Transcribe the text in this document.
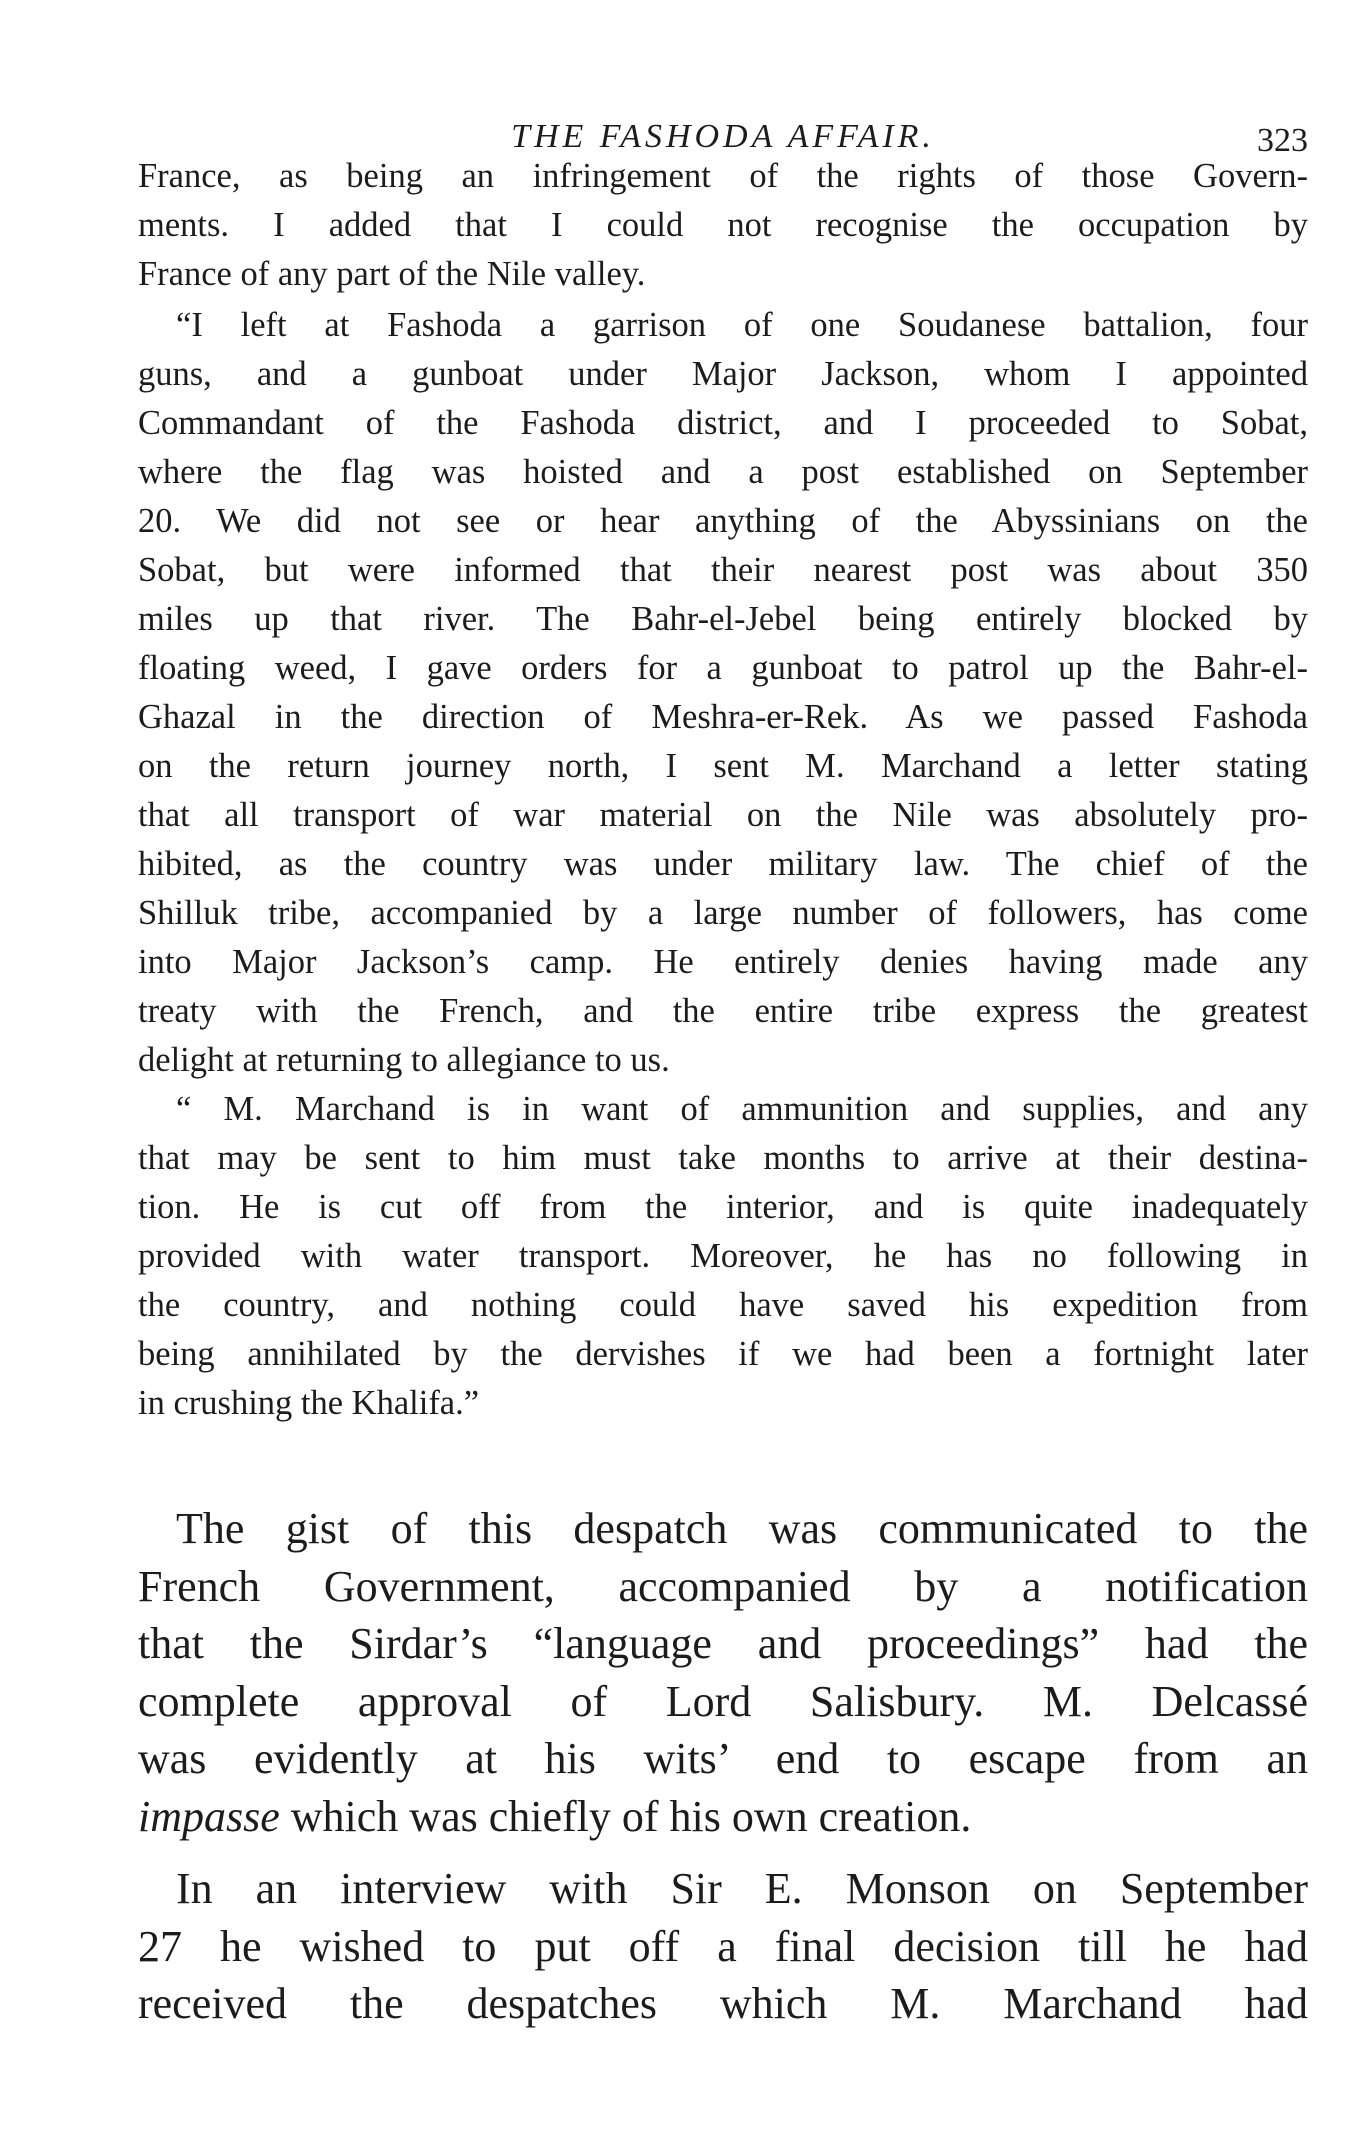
THE FASHODA AFFAIR.	323
France, as being an infringement of the rights of those Govern-
ments. I added that I could not recognise the occupation by
France of any part of the Nile valley.
“I left at Fashoda a garrison of one Soudanese battalion, four
guns, and a gunboat under Major Jackson, whom I appointed
Commandant of the Fashoda district, and I proceeded to Sobat,
where the flag was hoisted and a post established on September
20. We did not see or hear anything of the Abyssinians on the
Sobat, but were informed that their nearest post was about 350
miles up that river. The Bahr-el-Jebel being entirely blocked by
floating weed, I gave orders for a gunboat to patrol up the Bahr-el-
Ghazal in the direction of Meshra-er-Rek. As we passed Fashoda
on the return journey north, I sent M. Marchand a letter stating
that all transport of war material on the Nile was absolutely pro-
hibited, as the country was under military law. The chief of the
Shilluk tribe, accompanied by a large number of followers, has come
into Major Jackson’s camp. He entirely denies having made any
treaty with the French, and the entire tribe express the greatest
delight at returning to allegiance to us.
“ M. Marchand is in want of ammunition and supplies, and any
that may be sent to him must take months to arrive at their destina-
tion. He is cut off from the interior, and is quite inadequately
provided with water transport. Moreover, he has no following in
the country, and nothing could have saved his expedition from
being annihilated by the dervishes if we had been a fortnight later
in crushing the Khalifa.”
The gist of this despatch was communicated to the
French Government, accompanied by a notification
that the Sirdar’s “language and proceedings” had the
complete approval of Lord Salisbury. M. Delcassé
was evidently at his wits’ end to escape from an
impasse which was chiefly of his own creation.
In an interview with Sir E. Monson on September
27 he wished to put off a final decision till he had
received the despatches which M. Marchand had
